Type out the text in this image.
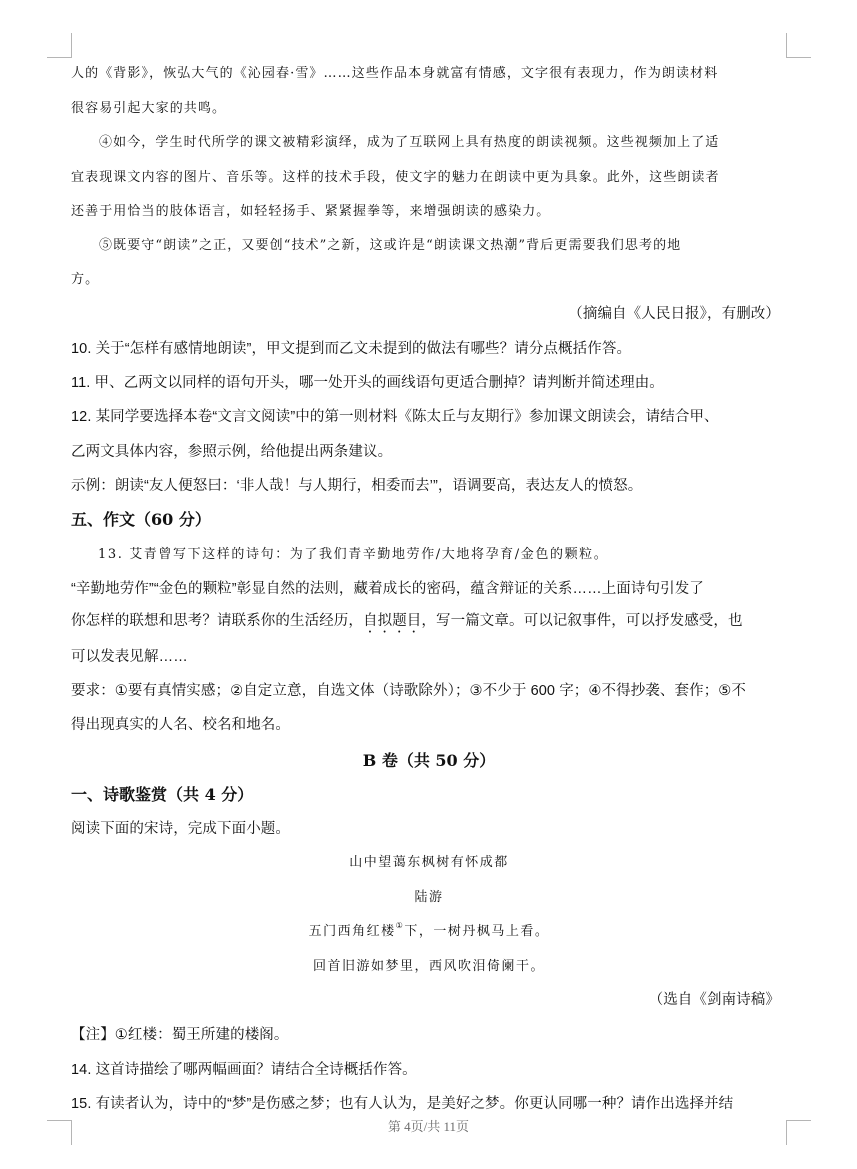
人的《背影》，恢弘大气的《沁园春·雪》……这些作品本身就富有情感，文字很有表现力，作为朗读材料
很容易引起大家的共鸣。
④如今，学生时代所学的课文被精彩演绎，成为了互联网上具有热度的朗读视频。这些视频加上了适
宜表现课文内容的图片、音乐等。这样的技术手段，使文字的魅力在朗读中更为具象。此外，这些朗读者
还善于用恰当的肢体语言，如轻轻扬手、紧紧握拳等，来增强朗读的感染力。
⑤既要守“朗读”之正，又要创“技术”之新，这或许是“朗读课文热潮”背后更需要我们思考的地
方。
（摘编自《人民日报》，有删改）
10. 关于“怎样有感情地朗读”，甲文提到而乙文未提到的做法有哪些？请分点概括作答。
11. 甲、乙两文以同样的语句开头，哪一处开头的画线语句更适合删掉？请判断并简述理由。
12. 某同学要选择本卷“文言文阅读”中的第一则材料《陈太丘与友期行》参加课文朗读会，请结合甲、
乙两文具体内容，参照示例，给他提出两条建议。
示例：朗读“友人便怒曰：‘非人哉！与人期行，相委而去’”，语调要高，表达友人的愤怒。
五、作文（60 分）
13. 艾青曾写下这样的诗句：为了我们青辛勤地劳作/大地将孕育/金色的颗粒。
“辛勤地劳作”“金色的颗粒”彰显自然的法则，藏着成长的密码，蕴含辩证的关系……上面诗句引发了
你怎样的联想和思考？请联系你的生活经历，自拟题目，写一篇文章。可以记叙事件，可以抒发感受，也
可以发表见解……
要求：①要有真情实感；②自定立意，自选文体（诗歌除外）；③不少于 600 字；④不得抄袭、套作；⑤不
得出现真实的人名、校名和地名。
B 卷（共 50 分）
一、诗歌鉴赏（共 4 分）
阅读下面的宋诗，完成下面小题。
山中望蔼东枫树有怀成都
陆游
五门西角红楼①下，一树丹枫马上看。
回首旧游如梦里，西风吹泪倚阑干。
（选自《剑南诗稿》
【注】①红楼：蜀王所建的楼阁。
14. 这首诗描绘了哪两幅画面？请结合全诗概括作答。
15. 有读者认为，诗中的“梦”是伤感之梦；也有人认为，是美好之梦。你更认同哪一种？请作出选择并结
第 4页/共 11页
